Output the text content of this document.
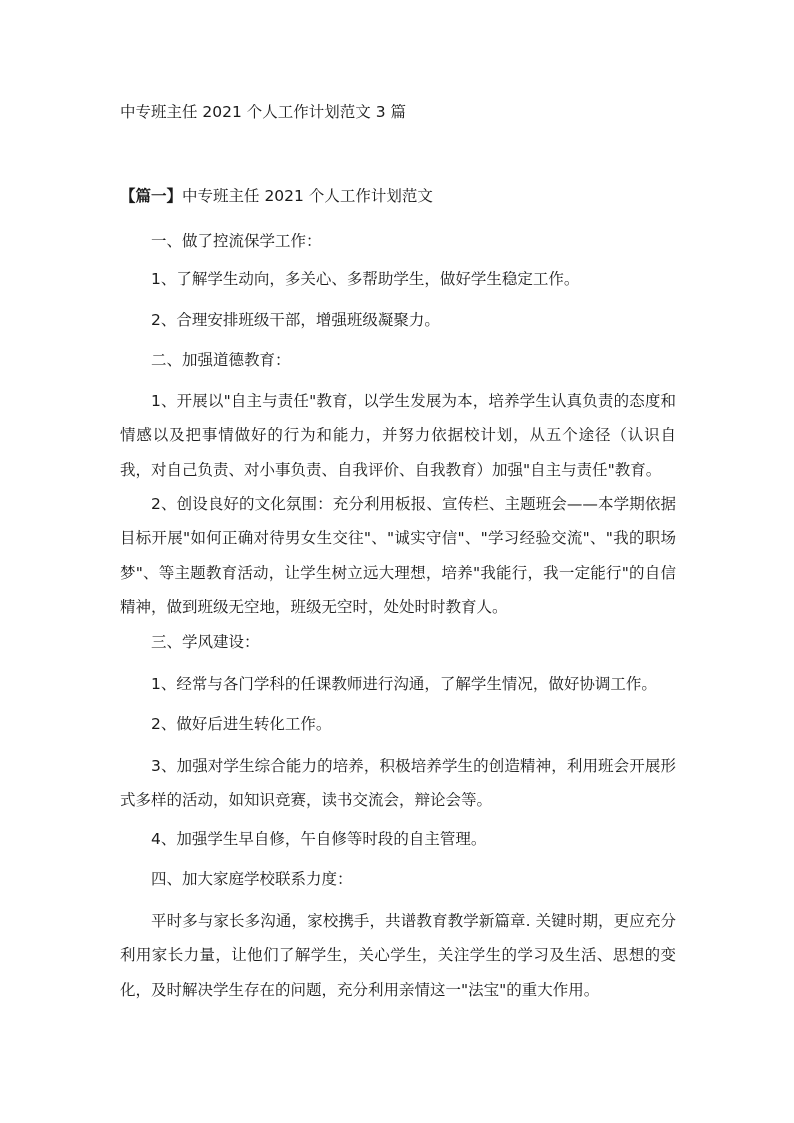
中专班主任 2021 个人工作计划范文 3 篇
【篇一】中专班主任 2021 个人工作计划范文
一、做了控流保学工作：
1、了解学生动向，多关心、多帮助学生，做好学生稳定工作。
2、合理安排班级干部，增强班级凝聚力。
二、加强道德教育：
1、开展以"自主与责任"教育，以学生发展为本，培养学生认真负责的态度和情感以及把事情做好的行为和能力，并努力依据校计划，从五个途径（认识自我，对自己负责、对小事负责、自我评价、自我教育）加强"自主与责任"教育。
2、创设良好的文化氛围：充分利用板报、宣传栏、主题班会——本学期依据目标开展"如何正确对待男女生交往"、"诚实守信"、"学习经验交流"、"我的职场梦"、等主题教育活动，让学生树立远大理想，培养"我能行，我一定能行"的自信精神，做到班级无空地，班级无空时，处处时时教育人。
三、学风建设：
1、经常与各门学科的任课教师进行沟通，了解学生情况，做好协调工作。
2、做好后进生转化工作。
3、加强对学生综合能力的培养，积极培养学生的创造精神，利用班会开展形式多样的活动，如知识竞赛，读书交流会，辩论会等。
4、加强学生早自修，午自修等时段的自主管理。
四、加大家庭学校联系力度：
平时多与家长多沟通，家校携手，共谱教育教学新篇章. 关键时期，更应充分利用家长力量，让他们了解学生，关心学生，关注学生的学习及生活、思想的变化，及时解决学生存在的问题，充分利用亲情这一"法宝"的重大作用。
